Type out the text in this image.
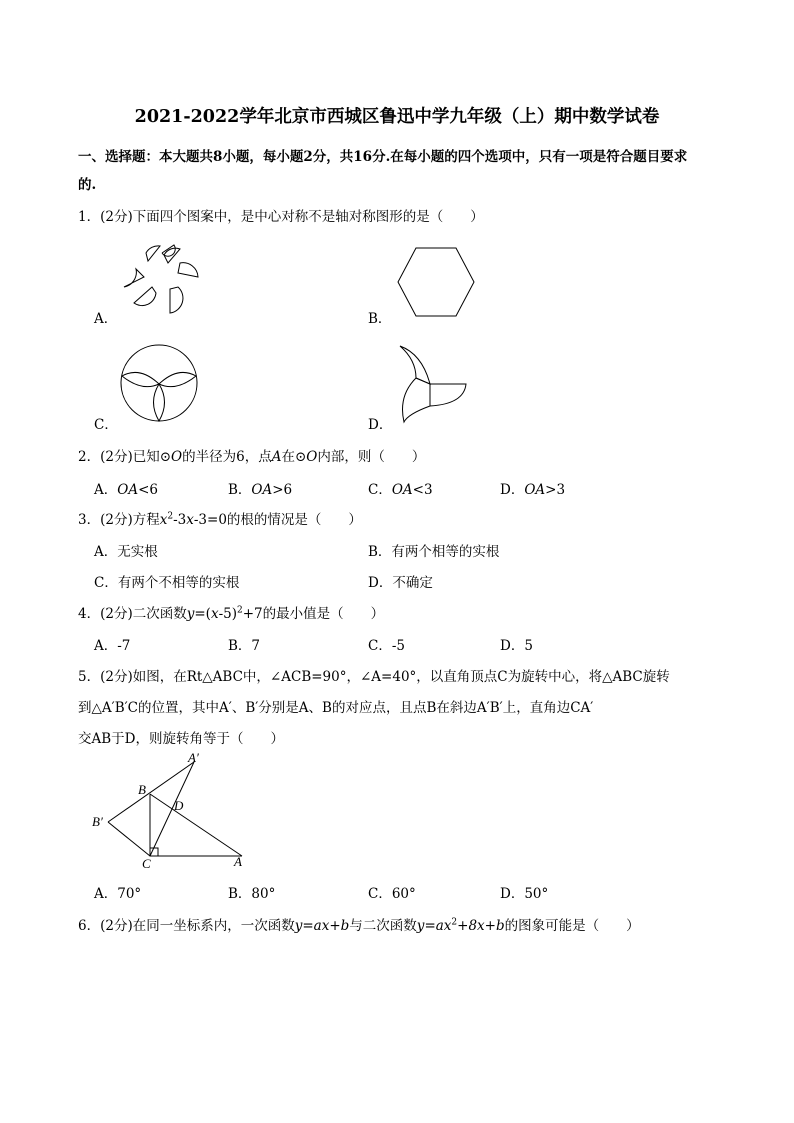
2021-2022学年北京市西城区鲁迅中学九年级（上）期中数学试卷
一、选择题：本大题共8小题，每小题2分，共16分.在每小题的四个选项中，只有一项是符合题目要求
的.
1．(2分)下面四个图案中，是中心对称不是轴对称图形的是（　　）
A．	B．
C．	D．
2．(2分)已知⊙O的半径为6，点A在⊙O内部，则（　　）
A．OA<6	B．OA>6	C．OA<3	D．OA>3
3．(2分)方程$x^2-3x-3=0$的根的情况是（　　）
A．无实根	B．有两个相等的实根
C．有两个不相等的实根	D．不确定
4．(2分)二次函数$y=(x-5)^2+7$的最小值是（　　）
A．-7	B．7	C．-5	D．5
5．(2分)如图，在Rt△ABC中，∠ACB=90°，∠A=40°，以直角顶点C为旋转中心，将△ABC旋转
到△A′B′C的位置，其中A′、B′分别是A、B的对应点，且点B在斜边A′B′上，直角边CA′
交AB于D，则旋转角等于（　　）
A′
B
D
B′
C	A
A．70°	B．80°	C．60°	D．50°
6．(2分)在同一坐标系内，一次函数y=ax+b与二次函数$y=ax^2+8x+b$的图象可能是（　　）
